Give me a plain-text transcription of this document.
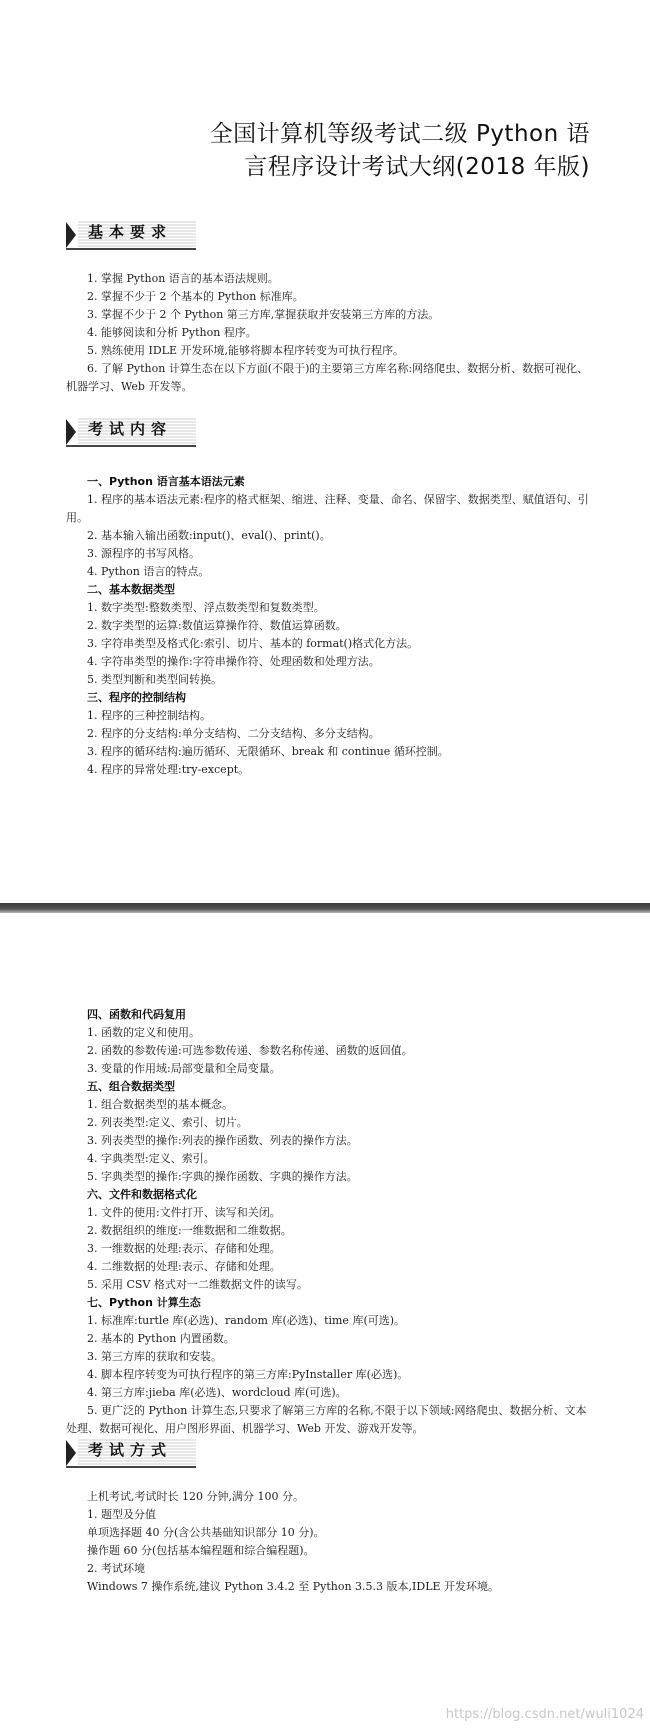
全国计算机等级考试二级 Python 语
言程序设计考试大纲(2018 年版)
基本要求

1. 掌握 Python 语言的基本语法规则。

2. 掌握不少于 2 个基本的 Python 标准库。

3. 掌握不少于 2 个 Python 第三方库,掌握获取并安装第三方库的方法。

4. 能够阅读和分析 Python 程序。

5. 熟练使用 IDLE 开发环境,能够将脚本程序转变为可执行程序。

6. 了解 Python 计算生态在以下方面(不限于)的主要第三方库名称:网络爬虫、数据分析、数据可视化、机器学习、Web 开发等。

考试内容

一、Python 语言基本语法元素

1. 程序的基本语法元素:程序的格式框架、缩进、注释、变量、命名、保留字、数据类型、赋值语句、引用。

2. 基本输入输出函数:input()、eval()、print()。

3. 源程序的书写风格。

4. Python 语言的特点。

二、基本数据类型

1. 数字类型:整数类型、浮点数类型和复数类型。

2. 数字类型的运算:数值运算操作符、数值运算函数。

3. 字符串类型及格式化:索引、切片、基本的 format()格式化方法。

4. 字符串类型的操作:字符串操作符、处理函数和处理方法。

5. 类型判断和类型间转换。

三、程序的控制结构

1. 程序的三种控制结构。

2. 程序的分支结构:单分支结构、二分支结构、多分支结构。

3. 程序的循环结构:遍历循环、无限循环、break 和 continue 循环控制。

4. 程序的异常处理:try-except。

四、函数和代码复用

1. 函数的定义和使用。

2. 函数的参数传递:可选参数传递、参数名称传递、函数的返回值。

3. 变量的作用域:局部变量和全局变量。

五、组合数据类型

1. 组合数据类型的基本概念。

2. 列表类型:定义、索引、切片。

3. 列表类型的操作:列表的操作函数、列表的操作方法。

4. 字典类型:定义、索引。

5. 字典类型的操作:字典的操作函数、字典的操作方法。

六、文件和数据格式化

1. 文件的使用:文件打开、读写和关闭。

2. 数据组织的维度:一维数据和二维数据。

3. 一维数据的处理:表示、存储和处理。

4. 二维数据的处理:表示、存储和处理。

5. 采用 CSV 格式对一二维数据文件的读写。

七、Python 计算生态

1. 标准库:turtle 库(必选)、random 库(必选)、time 库(可选)。

2. 基本的 Python 内置函数。

3. 第三方库的获取和安装。

4. 脚本程序转变为可执行程序的第三方库:PyInstaller 库(必选)。

4. 第三方库:jieba 库(必选)、wordcloud 库(可选)。

5. 更广泛的 Python 计算生态,只要求了解第三方库的名称,不限于以下领域:网络爬虫、数据分析、文本处理、数据可视化、用户图形界面、机器学习、Web 开发、游戏开发等。

考试方式

上机考试,考试时长 120 分钟,满分 100 分。

1. 题型及分值

单项选择题 40 分(含公共基础知识部分 10 分)。

操作题 60 分(包括基本编程题和综合编程题)。

2. 考试环境

Windows 7 操作系统,建议 Python 3.4.2 至 Python 3.5.3 版本,IDLE 开发环境。

https://blog.csdn.net/wuli1024
